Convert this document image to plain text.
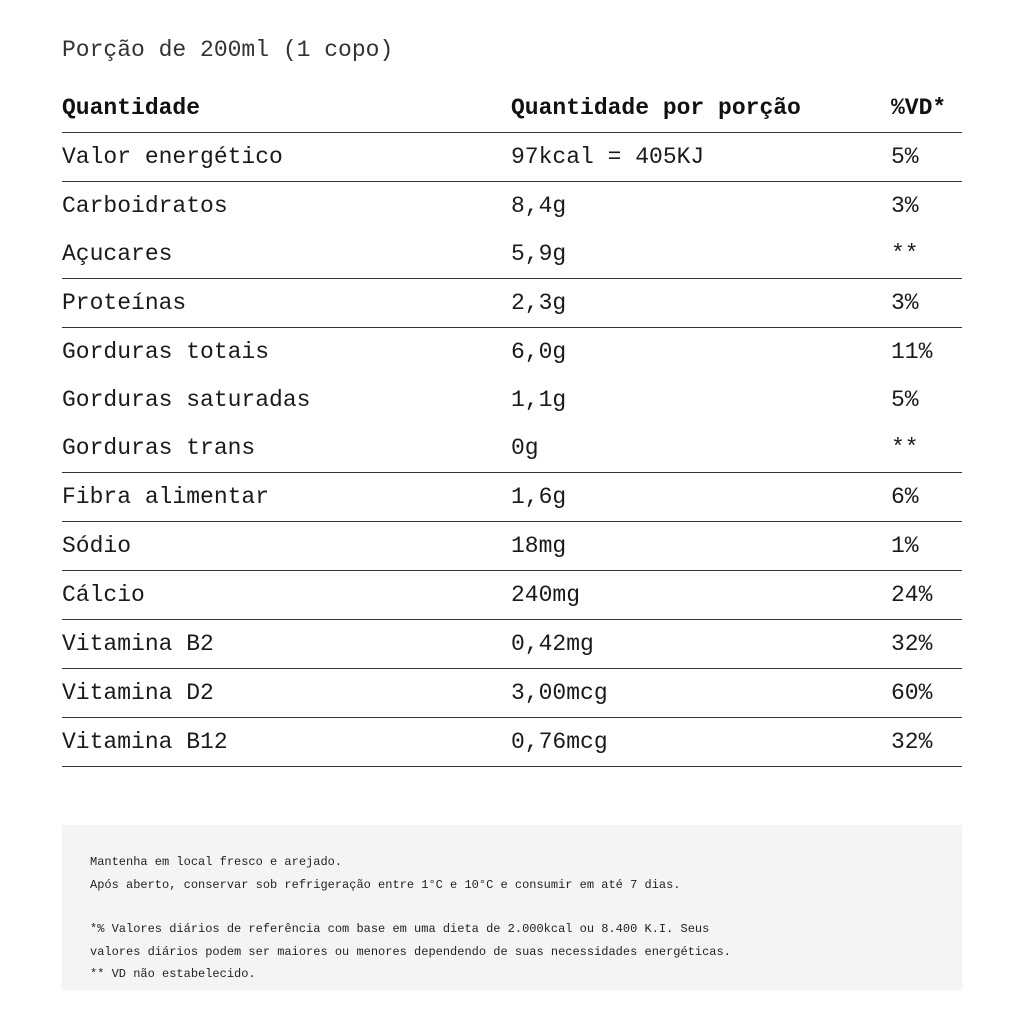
Porção de 200ml (1 copo)
Quantidade	Quantidade por porção	%VD*
Valor energético	97kcal = 405KJ	5%
Carboidratos	8,4g	3%
Açucares	5,9g	**
Proteínas	2,3g	3%
Gorduras totais	6,0g	11%
Gorduras saturadas	1,1g	5%
Gorduras trans	0g	**
Fibra alimentar	1,6g	6%
Sódio	18mg	1%
Cálcio	240mg	24%
Vitamina B2	0,42mg	32%
Vitamina D2	3,00mcg	60%
Vitamina B12	0,76mcg	32%
Mantenha em local fresco e arejado.
Após aberto, conservar sob refrigeração entre 1°C e 10°C e consumir em até 7 dias.
*% Valores diários de referência com base em uma dieta de 2.000kcal ou 8.400 K.I. Seus
valores diários podem ser maiores ou menores dependendo de suas necessidades energéticas.
** VD não estabelecido.
